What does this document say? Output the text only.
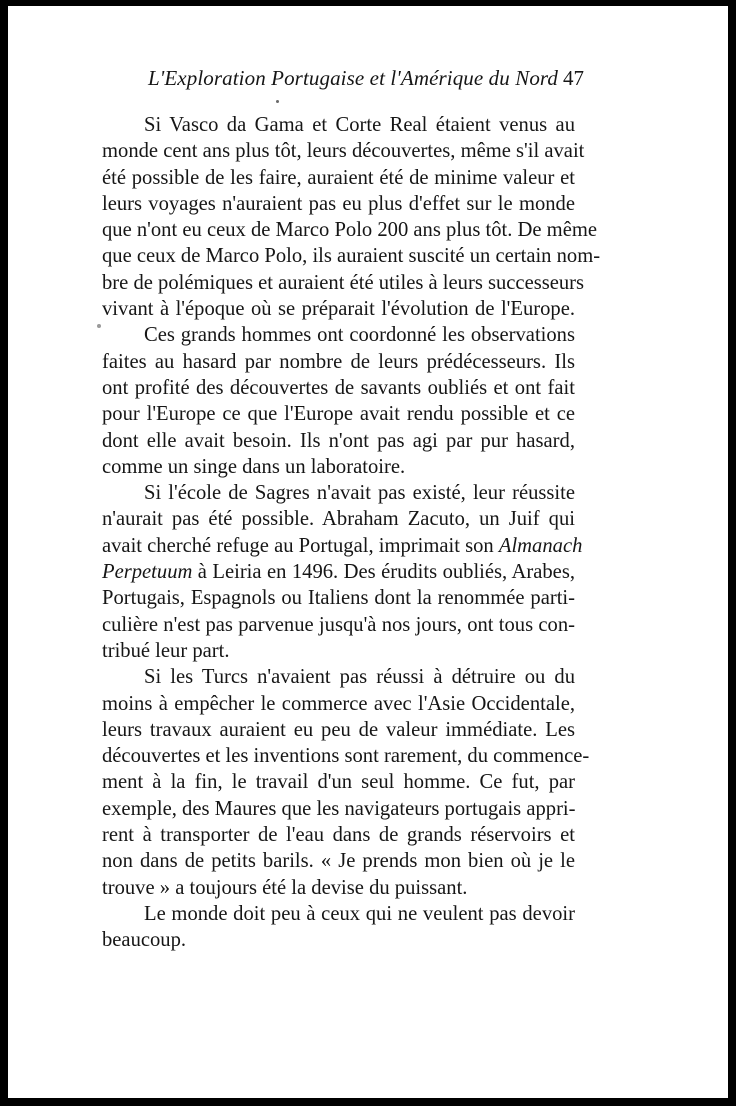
L'Exploration Portugaise et l'Amérique du Nord 47
Si Vasco da Gama et Corte Real étaient venus au
monde cent ans plus tôt, leurs découvertes, même s'il avait
été possible de les faire, auraient été de minime valeur et
leurs voyages n'auraient pas eu plus d'effet sur le monde
que n'ont eu ceux de Marco Polo 200 ans plus tôt. De même
que ceux de Marco Polo, ils auraient suscité un certain nom-
bre de polémiques et auraient été utiles à leurs successeurs
vivant à l'époque où se préparait l'évolution de l'Europe.
Ces grands hommes ont coordonné les observations
faites au hasard par nombre de leurs prédécesseurs. Ils
ont profité des découvertes de savants oubliés et ont fait
pour l'Europe ce que l'Europe avait rendu possible et ce
dont elle avait besoin. Ils n'ont pas agi par pur hasard,
comme un singe dans un laboratoire.
Si l'école de Sagres n'avait pas existé, leur réussite
n'aurait pas été possible. Abraham Zacuto, un Juif qui
avait cherché refuge au Portugal, imprimait son Almanach
Perpetuum à Leiria en 1496. Des érudits oubliés, Arabes,
Portugais, Espagnols ou Italiens dont la renommée parti-
culière n'est pas parvenue jusqu'à nos jours, ont tous con-
tribué leur part.
Si les Turcs n'avaient pas réussi à détruire ou du
moins à empêcher le commerce avec l'Asie Occidentale,
leurs travaux auraient eu peu de valeur immédiate. Les
découvertes et les inventions sont rarement, du commence-
ment à la fin, le travail d'un seul homme. Ce fut, par
exemple, des Maures que les navigateurs portugais appri-
rent à transporter de l'eau dans de grands réservoirs et
non dans de petits barils. « Je prends mon bien où je le
trouve » a toujours été la devise du puissant.
Le monde doit peu à ceux qui ne veulent pas devoir
beaucoup.
